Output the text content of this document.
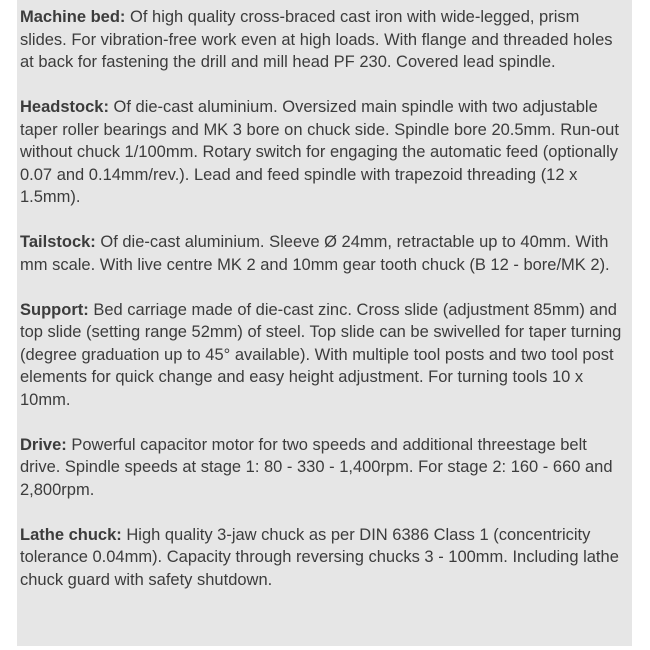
Machine bed: Of high quality cross-braced cast iron with wide-legged, prism slides. For vibration-free work even at high loads. With flange and threaded holes at back for fastening the drill and mill head PF 230. Covered lead spindle.

Headstock: Of die-cast aluminium. Oversized main spindle with two adjustable taper roller bearings and MK 3 bore on chuck side. Spindle bore 20.5mm. Run-out without chuck 1/100mm. Rotary switch for engaging the automatic feed (optionally 0.07 and 0.14mm/rev.). Lead and feed spindle with trapezoid threading (12 x 1.5mm).

Tailstock: Of die-cast aluminium. Sleeve Ø 24mm, retractable up to 40mm. With mm scale. With live centre MK 2 and 10mm gear tooth chuck (B 12 - bore/MK 2).

Support: Bed carriage made of die-cast zinc. Cross slide (adjustment 85mm) and top slide (setting range 52mm) of steel. Top slide can be swivelled for taper turning (degree graduation up to 45° available). With multiple tool posts and two tool post elements for quick change and easy height adjustment. For turning tools 10 x 10mm.

Drive: Powerful capacitor motor for two speeds and additional threestage belt drive. Spindle speeds at stage 1: 80 - 330 - 1,400rpm. For stage 2: 160 - 660 and 2,800rpm.

Lathe chuck: High quality 3-jaw chuck as per DIN 6386 Class 1 (concentricity tolerance 0.04mm). Capacity through reversing chucks 3 - 100mm. Including lathe chuck guard with safety shutdown.
